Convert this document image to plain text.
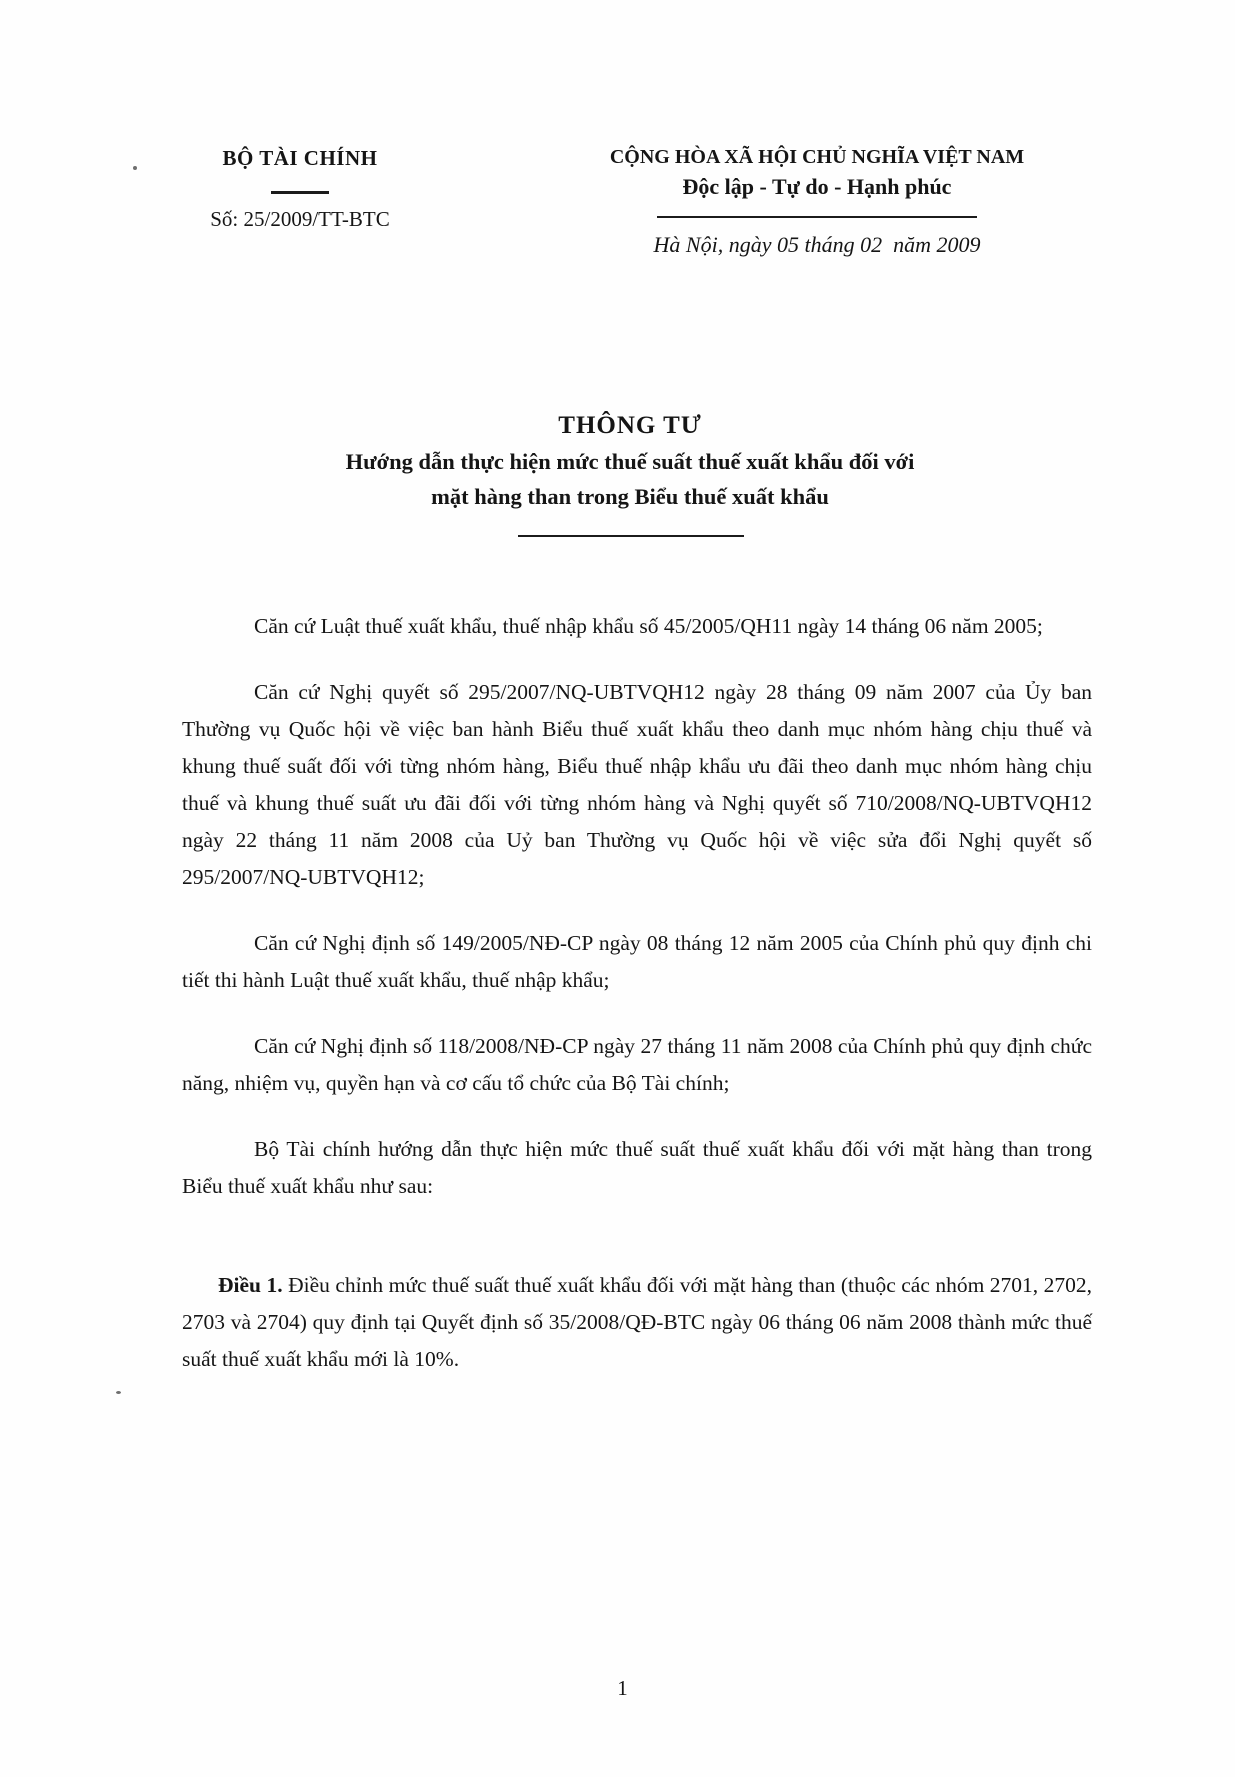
BỘ TÀI CHÍNH
Số: 25/2009/TT-BTC
CỘNG HÒA XÃ HỘI CHỦ NGHĨA VIỆT NAM
Độc lập - Tự do - Hạnh phúc
Hà Nội, ngày 05 tháng 02  năm 2009
THÔNG TƯ
Hướng dẫn thực hiện mức thuế suất thuế xuất khẩu đối với
mặt hàng than trong Biểu thuế xuất khẩu

Căn cứ Luật thuế xuất khẩu, thuế nhập khẩu số 45/2005/QH11 ngày 14 tháng 06 năm 2005;

Căn cứ Nghị quyết số 295/2007/NQ-UBTVQH12 ngày 28 tháng 09 năm 2007 của Ủy ban Thường vụ Quốc hội về việc ban hành Biểu thuế xuất khẩu theo danh mục nhóm hàng chịu thuế và khung thuế suất đối với từng nhóm hàng, Biểu thuế nhập khẩu ưu đãi theo danh mục nhóm hàng chịu thuế và khung thuế suất ưu đãi đối với từng nhóm hàng và Nghị quyết số 710/2008/NQ-UBTVQH12 ngày 22 tháng 11 năm 2008 của Uỷ ban Thường vụ Quốc hội về việc sửa đổi Nghị quyết số 295/2007/NQ-UBTVQH12;

Căn cứ Nghị định số 149/2005/NĐ-CP ngày 08 tháng 12 năm 2005 của Chính phủ quy định chi tiết thi hành Luật thuế xuất khẩu, thuế nhập khẩu;

Căn cứ Nghị định số 118/2008/NĐ-CP ngày 27 tháng 11 năm 2008 của Chính phủ quy định chức năng, nhiệm vụ, quyền hạn và cơ cấu tổ chức của Bộ Tài chính;

Bộ Tài chính hướng dẫn thực hiện mức thuế suất thuế xuất khẩu đối với mặt hàng than trong Biểu thuế xuất khẩu như sau:

Điều 1. Điều chỉnh mức thuế suất thuế xuất khẩu đối với mặt hàng than (thuộc các nhóm 2701, 2702, 2703 và 2704) quy định tại Quyết định số 35/2008/QĐ-BTC ngày 06 tháng 06 năm 2008 thành mức thuế suất thuế xuất khẩu mới là 10%.

1
